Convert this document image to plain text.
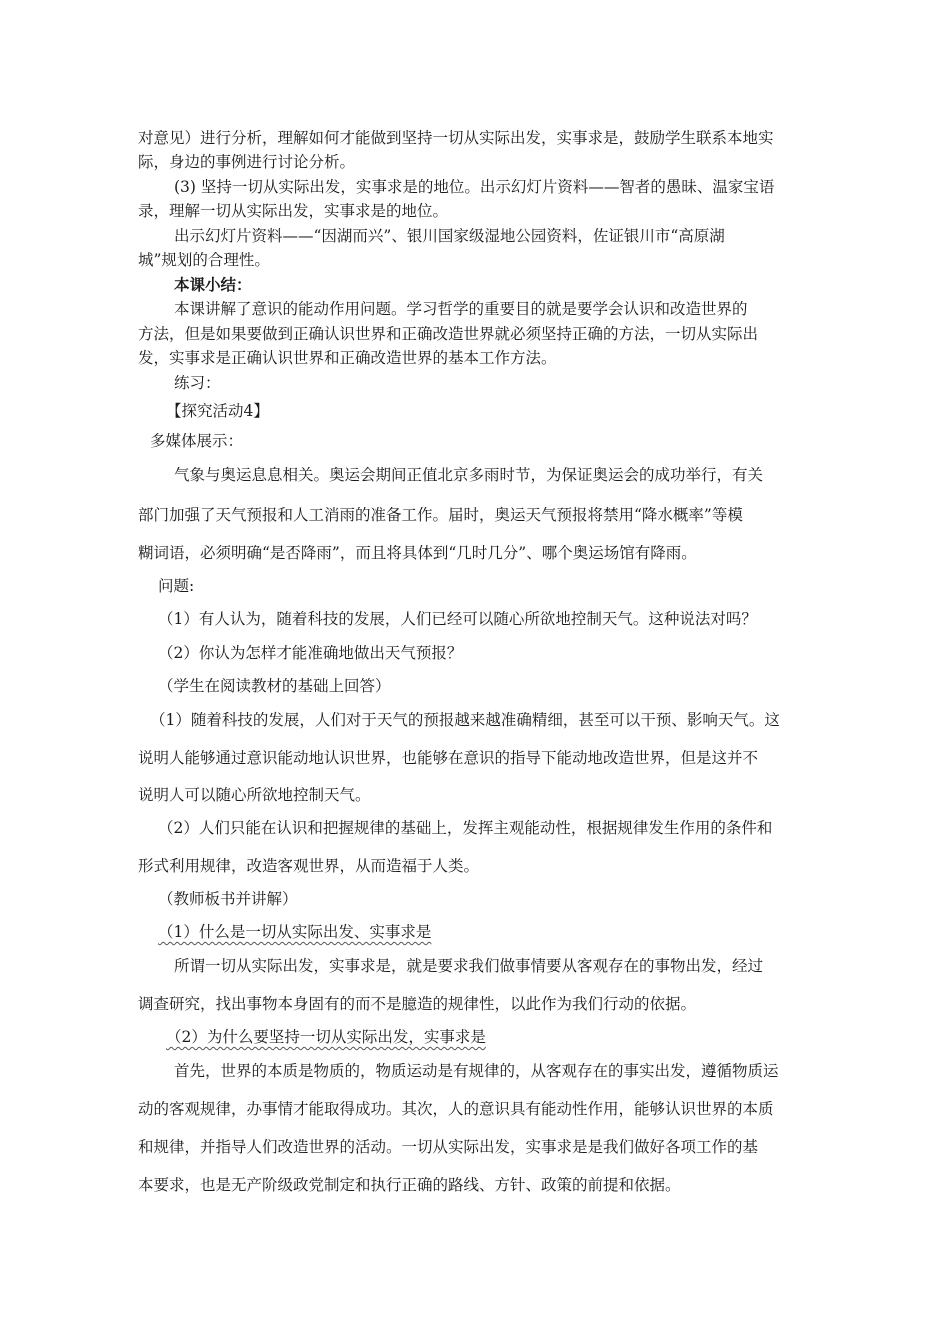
对意见）进行分析，理解如何才能做到坚持一切从实际出发，实事求是，鼓励学生联系本地实
际，身边的事例进行讨论分析。
(3) 坚持一切从实际出发，实事求是的地位。出示幻灯片资料——智者的愚昧、温家宝语
录，理解一切从实际出发，实事求是的地位。
出示幻灯片资料——“因湖而兴”、银川国家级湿地公园资料，佐证银川市“高原湖
城”规划的合理性。
本课小结：
本课讲解了意识的能动作用问题。学习哲学的重要目的就是要学会认识和改造世界的
方法，但是如果要做到正确认识世界和正确改造世界就必须坚持正确的方法，一切从实际出
发，实事求是正确认识世界和正确改造世界的基本工作方法。
练习：
【探究活动4】
多媒体展示：
气象与奥运息息相关。奥运会期间正值北京多雨时节，为保证奥运会的成功举行，有关
部门加强了天气预报和人工消雨的准备工作。届时，奥运天气预报将禁用“降水概率”等模
糊词语，必须明确“是否降雨”，而且将具体到“几时几分”、哪个奥运场馆有降雨。
问题:
（1）有人认为，随着科技的发展，人们已经可以随心所欲地控制天气。这种说法对吗？
（2）你认为怎样才能准确地做出天气预报？
（学生在阅读教材的基础上回答）
（1）随着科技的发展，人们对于天气的预报越来越准确精细，甚至可以干预、影响天气。这
说明人能够通过意识能动地认识世界，也能够在意识的指导下能动地改造世界，但是这并不
说明人可以随心所欲地控制天气。
（2）人们只能在认识和把握规律的基础上，发挥主观能动性，根据规律发生作用的条件和
形式利用规律，改造客观世界，从而造福于人类。
（教师板书并讲解）
（1）什么是一切从实际出发、实事求是
所谓一切从实际出发，实事求是，就是要求我们做事情要从客观存在的事物出发，经过
调查研究，找出事物本身固有的而不是臆造的规律性，以此作为我们行动的依据。
（2）为什么要坚持一切从实际出发，实事求是
首先，世界的本质是物质的，物质运动是有规律的，从客观存在的事实出发，遵循物质运
动的客观规律，办事情才能取得成功。其次，人的意识具有能动性作用，能够认识世界的本质
和规律，并指导人们改造世界的活动。一切从实际出发，实事求是是我们做好各项工作的基
本要求，也是无产阶级政党制定和执行正确的路线、方针、政策的前提和依据。
